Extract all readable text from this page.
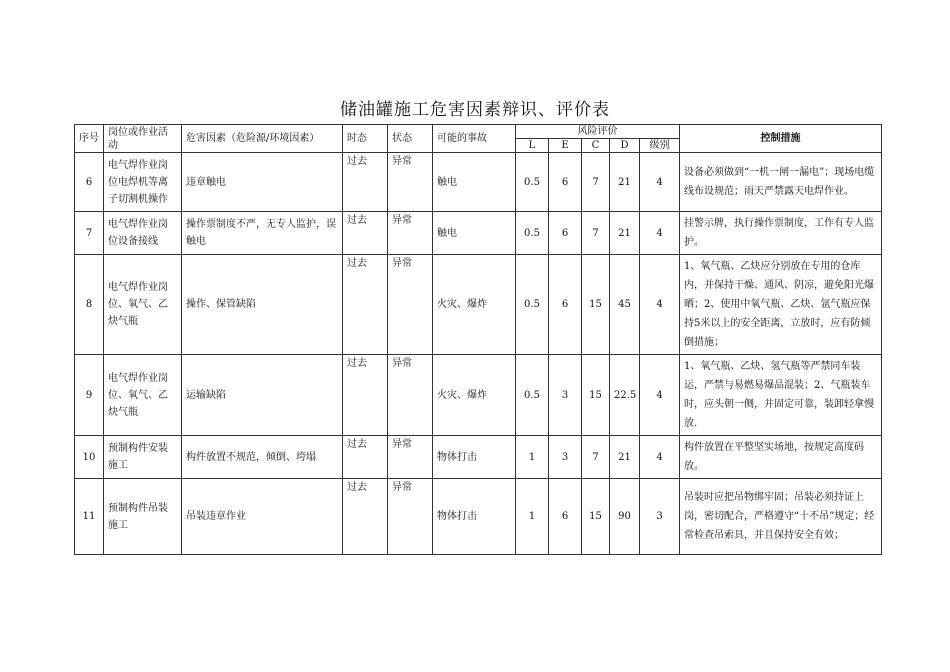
储油罐施工危害因素辩识、评价表
序号	岗位或作业活动	危害因素（危险源/环境因素）	时态	状态	可能的事故	风险评价					控制措施
						L	E	C	D	级别	
6	电气焊作业岗位电焊机等离子切割机操作	违章触电	过去	异常	触电	0.5	6	7	21	4	设备必须做到“一机一闸一漏电”；现场电缆线布设规范；雨天严禁露天电焊作业。
7	电气焊作业岗位设备接线	操作票制度不严，无专人监护，误触电	过去	异常	触电	0.5	6	7	21	4	挂警示牌，执行操作票制度，工作有专人监护。
8	电气焊作业岗位、氧气、乙炔气瓶	操作、保管缺陷	过去	异常	火灾、爆炸	0.5	6	15	45	4	1、氧气瓶、乙炔应分别放在专用的仓库内，并保持干燥、通风、阴凉，避免阳光爆晒；2、使用中氧气瓶、乙炔、氩气瓶应保持5米以上的安全距离，立放时，应有防倾倒措施；
9	电气焊作业岗位、氧气、乙炔气瓶	运输缺陷	过去	异常	火灾、爆炸	0.5	3	15	22.5	4	1、氧气瓶、乙炔、氢气瓶等严禁同车装运，严禁与易燃易爆品混装；2、气瓶装车时，应头朝一侧，并固定可靠，装卸轻拿慢放.
10	预制构件安装施工	构件放置不规范，倾倒、垮塌	过去	异常	物体打击	1	3	7	21	4	构件放置在平整坚实场地，按规定高度码放。
11	预制构件吊装施工	吊装违章作业	过去	异常	物体打击	1	6	15	90	3	吊装时应把吊物绑牢固；吊装必须持证上岗，密切配合，严格遵守“十不吊”规定；经常检查吊索具，并且保持安全有效；
